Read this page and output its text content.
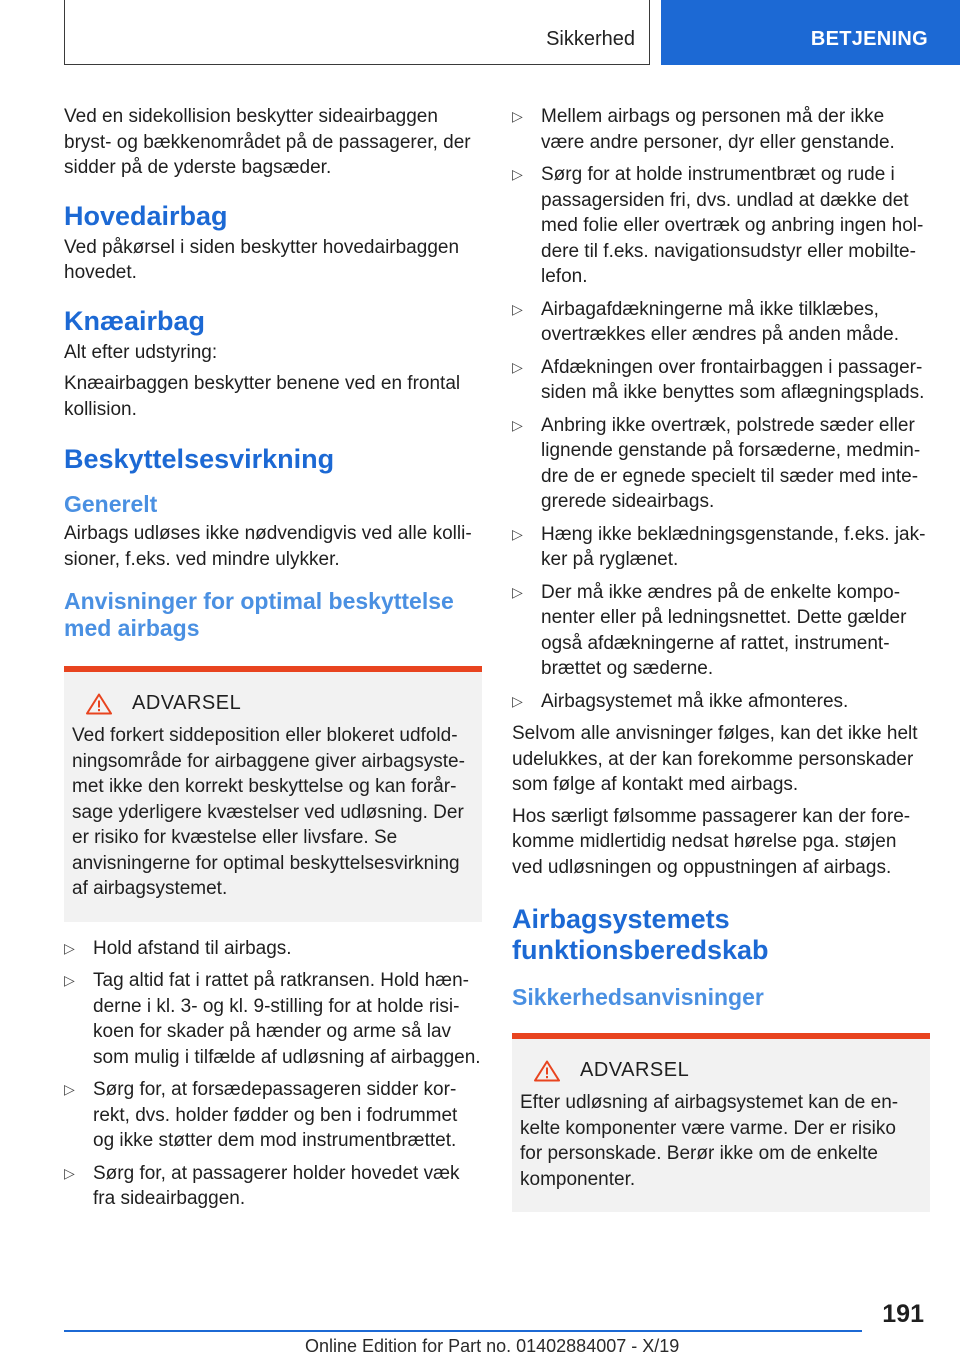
Sikkerhed	BETJENING

Ved en sidekollision beskytter sideairbaggen bryst- og bækkenområdet på de passagerer, der sidder på de yderste bagsæder.

Hovedairbag

Ved påkørsel i siden beskytter hovedairbaggen hovedet.

Knæairbag

Alt efter udstyring:

Knæairbaggen beskytter benene ved en frontal kollision.

Beskyttelsesvirkning
Generelt

Airbags udløses ikke nødvendigvis ved alle kollisioner, f.eks. ved mindre ulykker.

Anvisninger for optimal beskyttelse med airbags
ADVARSEL

Ved forkert siddeposition eller blokeret udfoldningsområde for airbaggene giver airbagsystemet ikke den korrekt beskyttelse og kan forårsage yderligere kvæstelser ved udløsning. Der er risiko for kvæstelse eller livsfare. Se anvisningerne for optimal beskyttelsesvirkning af airbagsystemet.

▷ Hold afstand til airbags.
▷ Tag altid fat i rattet på ratkransen. Hold hænderne i kl. 3- og kl. 9-stilling for at holde risikoen for skader på hænder og arme så lav som mulig i tilfælde af udløsning af airbaggen.
▷ Sørg for, at forsædepassageren sidder korrekt, dvs. holder fødder og ben i fodrummet og ikke støtter dem mod instrumentbrættet.
▷ Sørg for, at passagerer holder hovedet væk fra sideairbaggen.
▷ Mellem airbags og personen må der ikke være andre personer, dyr eller genstande.
▷ Sørg for at holde instrumentbræt og rude i passagersiden fri, dvs. undlad at dække det med folie eller overtræk og anbring ingen holdere til f.eks. navigationsudstyr eller mobiltelefon.
▷ Airbagafdækningerne må ikke tilklæbes, overtrækkes eller ændres på anden måde.
▷ Afdækningen over frontairbaggen i passagersiden må ikke benyttes som aflægningsplads.
▷ Anbring ikke overtræk, polstrede sæder eller lignende genstande på forsæderne, medmindre de er egnede specielt til sæder med integrerede sideairbags.
▷ Hæng ikke beklædningsgenstande, f.eks. jakker på ryglænet.
▷ Der må ikke ændres på de enkelte komponenter eller på ledningsnettet. Dette gælder også afdækningerne af rattet, instrumentbrættet og sæderne.
▷ Airbagsystemet må ikke afmonteres.

Selvom alle anvisninger følges, kan det ikke helt udelukkes, at der kan forekomme personskader som følge af kontakt med airbags.

Hos særligt følsomme passagerer kan der forekomme midlertidig nedsat hørelse pga. støjen ved udløsningen og oppustningen af airbags.

Airbagsystemets funktionsberedskab
Sikkerhedsanvisninger
ADVARSEL

Efter udløsning af airbagsystemet kan de enkelte komponenter være varme. Der er risiko for personskade. Berør ikke om de enkelte komponenter.

191
Online Edition for Part no. 01402884007 - X/19
